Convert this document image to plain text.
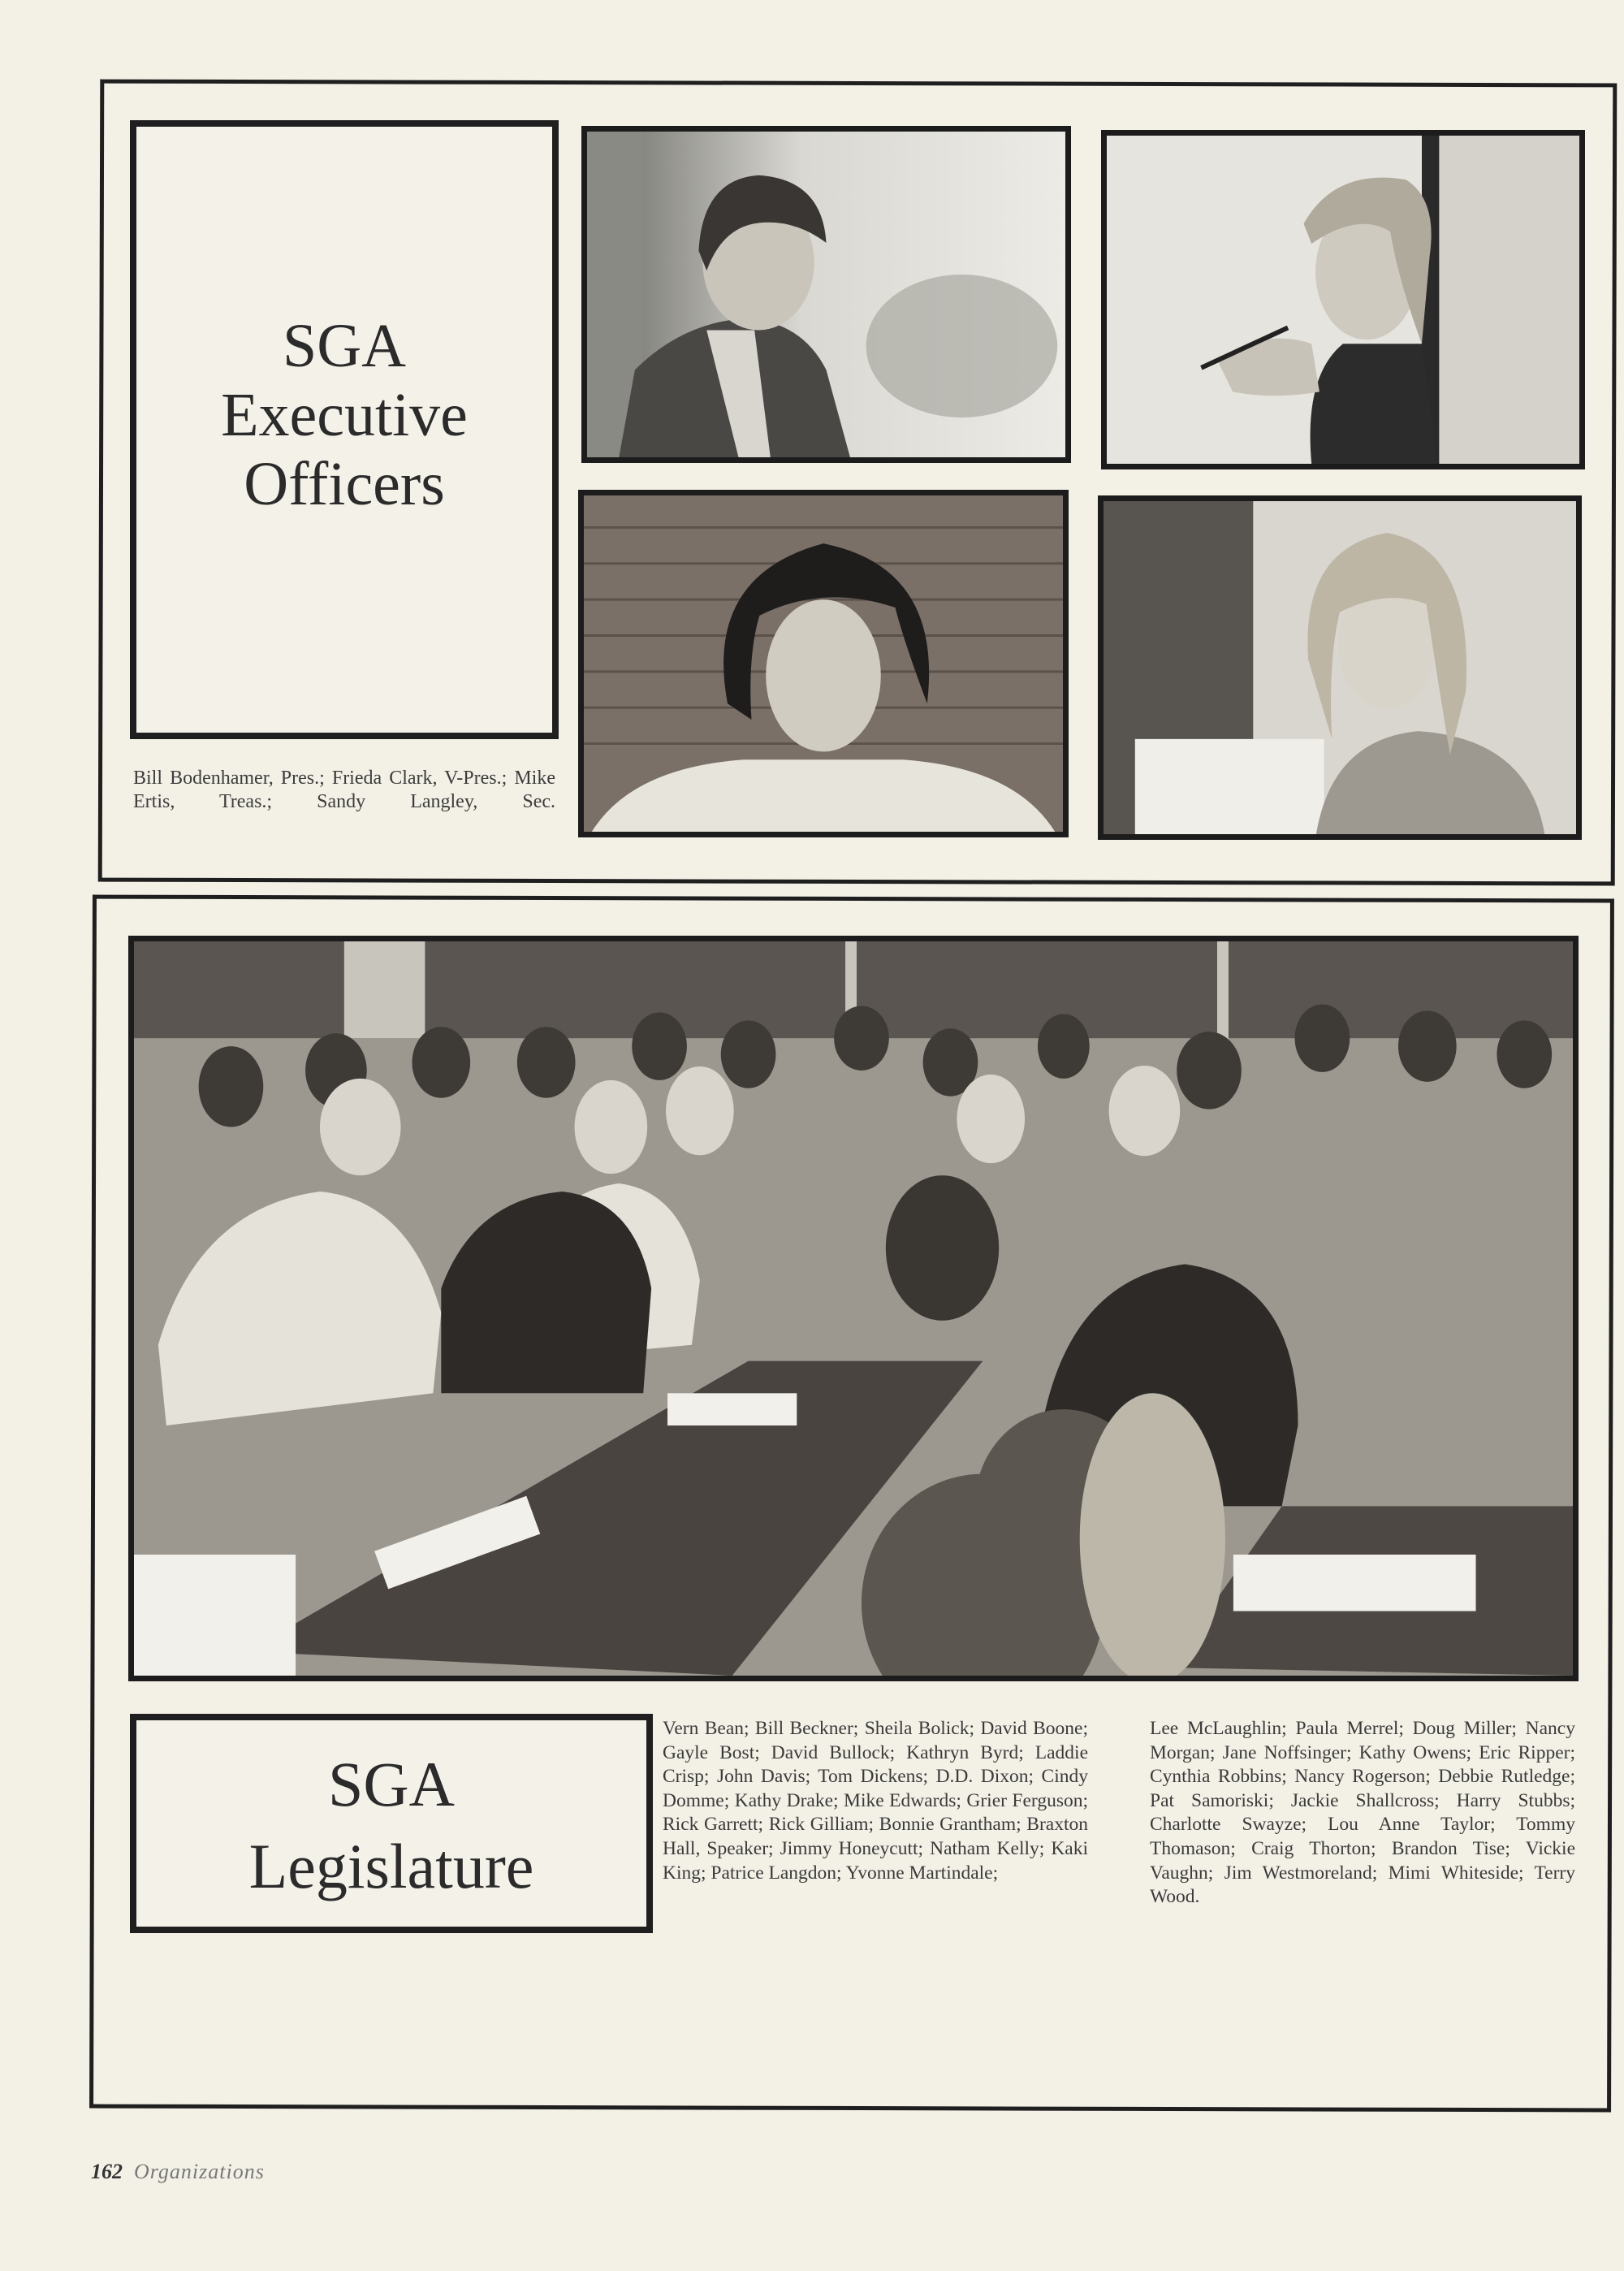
SGA
Executive
Officers
Bill Bodenhamer, Pres.; Frieda Clark, V-Pres.; Mike Ertis, Treas.; Sandy Langley, Sec.
SGA
Legislature
Vern Bean; Bill Beckner; Sheila Bolick; David Boone; Gayle Bost; David Bullock; Kathryn Byrd; Laddie Crisp; John Davis; Tom Dickens; D.D. Dixon; Cindy Domme; Kathy Drake; Mike Edwards; Grier Ferguson; Rick Garrett; Rick Gilliam; Bonnie Grantham; Braxton Hall, Speaker; Jimmy Honeycutt; Natham Kelly; Kaki King; Patrice Langdon; Yvonne Martindale;
Lee McLaughlin; Paula Merrel; Doug Miller; Nancy Morgan; Jane Noffsinger; Kathy Owens; Eric Ripper; Cynthia Robbins; Nancy Rogerson; Debbie Rutledge; Pat Samoriski; Jackie Shallcross; Harry Stubbs; Charlotte Swayze; Lou Anne Taylor; Tommy Thomason; Craig Thorton; Brandon Tise; Vickie Vaughn; Jim Westmoreland; Mimi Whiteside; Terry Wood.
162 Organizations
